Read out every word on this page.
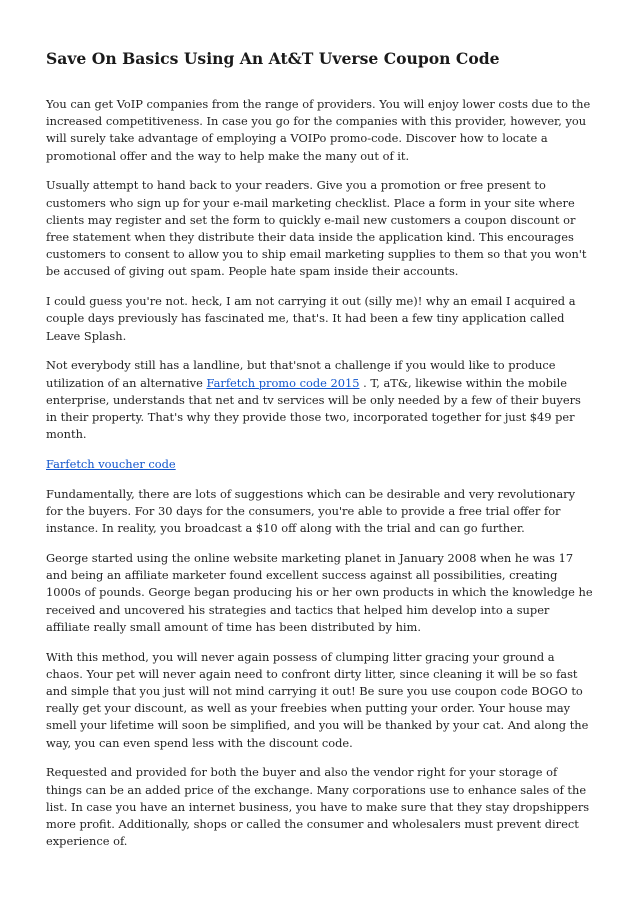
Save On Basics Using An At&T Uverse Coupon Code

You can get VoIP companies from the range of providers. You will enjoy lower costs due to the increased competitiveness. In case you go for the companies with this provider, however, you will surely take advantage of employing a VOIPo promo-code. Discover how to locate a promotional offer and the way to help make the many out of it.

Usually attempt to hand back to your readers. Give you a promotion or free present to customers who sign up for your e-mail marketing checklist. Place a form in your site where clients may register and set the form to quickly e-mail new customers a coupon discount or free statement when they distribute their data inside the application kind. This encourages customers to consent to allow you to ship email marketing supplies to them so that you won't be accused of giving out spam. People hate spam inside their accounts.

I could guess you're not. heck, I am not carrying it out (silly me)! why an email I acquired a couple days previously has fascinated me, that's. It had been a few tiny application called Leave Splash.

Not everybody still has a landline, but that'snot a challenge if you would like to produce utilization of an alternative Farfetch promo code 2015 . T, aT&, likewise within the mobile enterprise, understands that net and tv services will be only needed by a few of their buyers in their property. That's why they provide those two, incorporated together for just $49 per month.

Farfetch voucher code

Fundamentally, there are lots of suggestions which can be desirable and very revolutionary for the buyers. For 30 days for the consumers, you're able to provide a free trial offer for instance. In reality, you broadcast a $10 off along with the trial and can go further.

George started using the online website marketing planet in January 2008 when he was 17 and being an affiliate marketer found excellent success against all possibilities, creating 1000s of pounds. George began producing his or her own products in which the knowledge he received and uncovered his strategies and tactics that helped him develop into a super affiliate really small amount of time has been distributed by him.

With this method, you will never again possess of clumping litter gracing your ground a chaos. Your pet will never again need to confront dirty litter, since cleaning it will be so fast and simple that you just will not mind carrying it out! Be sure you use coupon code BOGO to really get your discount, as well as your freebies when putting your order. Your house may smell your lifetime will soon be simplified, and you will be thanked by your cat. And along the way, you can even spend less with the discount code.

Requested and provided for both the buyer and also the vendor right for your storage of things can be an added price of the exchange. Many corporations use to enhance sales of the list. In case you have an internet business, you have to make sure that they stay dropshippers more profit. Additionally, shops or called the consumer and wholesalers must prevent direct experience of.
